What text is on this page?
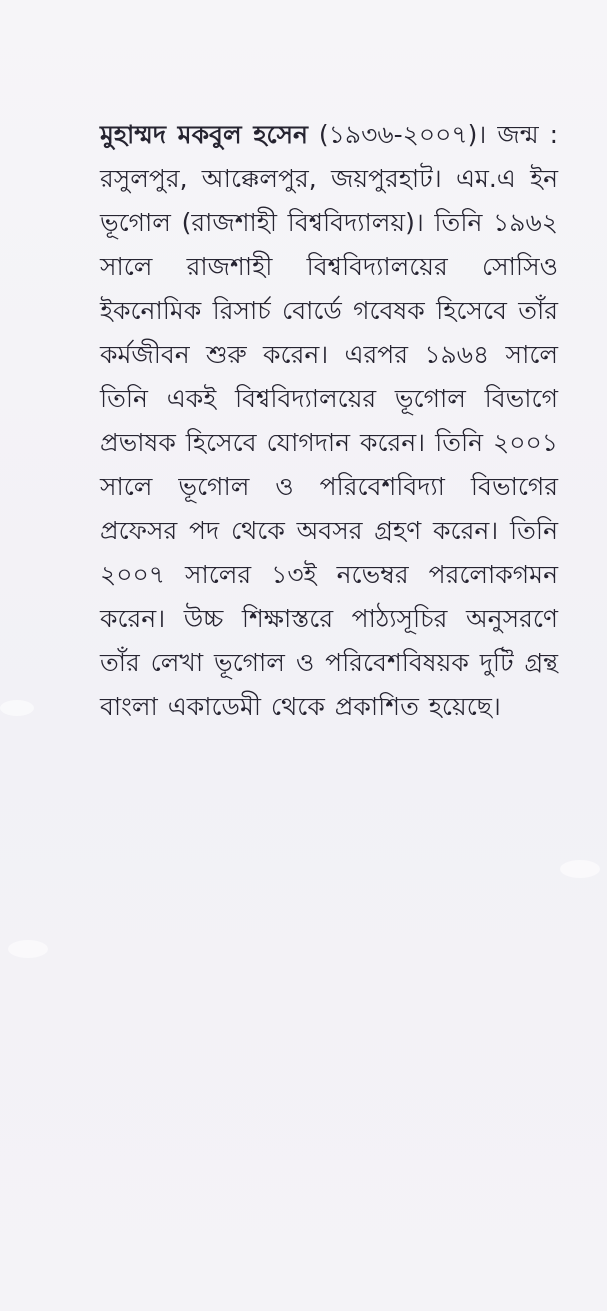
মুহাম্মদ মকবুল হসেন (১৯৩৬-২০০৭)। জন্ম : রসুলপুর, আক্কেলপুর, জয়পুরহাট। এম.এ ইন ভূগোল (রাজশাহী বিশ্ববিদ্যালয়)। তিনি ১৯৬২ সালে রাজশাহী বিশ্ববিদ্যালয়ের সোসিও ইকনোমিক রিসার্চ বোর্ডে গবেষক হিসেবে তাঁর কর্মজীবন শুরু করেন। এরপর ১৯৬৪ সালে তিনি একই বিশ্ববিদ্যালয়ের ভূগোল বিভাগে প্রভাষক হিসেবে যোগদান করেন। তিনি ২০০১ সালে ভূগোল ও পরিবেশবিদ্যা বিভাগের প্রফেসর পদ থেকে অবসর গ্রহণ করেন। তিনি ২০০৭ সালের ১৩ই নভেম্বর পরলোকগমন করেন। উচ্চ শিক্ষাস্তরে পাঠ্যসূচির অনুসরণে তাঁর লেখা ভূগোল ও পরিবেশবিষয়ক দুটি গ্রন্থ বাংলা একাডেমী থেকে প্রকাশিত হয়েছে।
